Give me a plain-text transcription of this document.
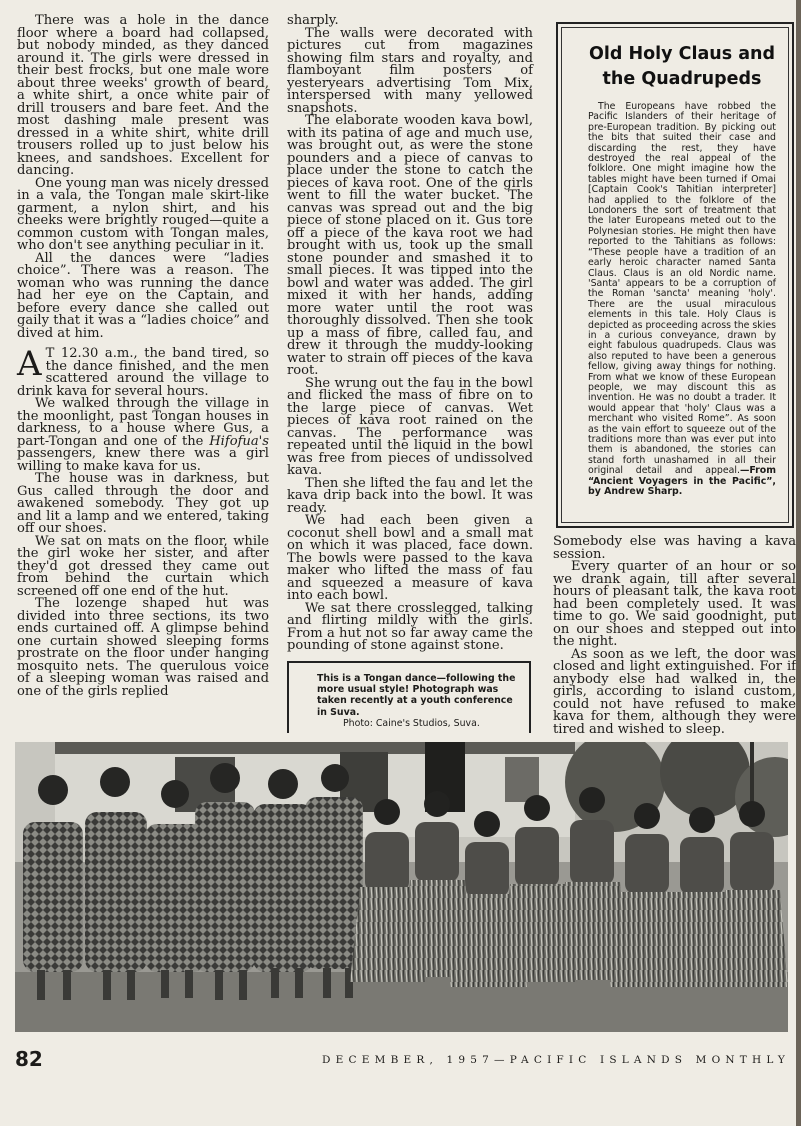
There was a hole in the dance floor where a board had collapsed, but nobody minded, as they danced around it. The girls were dressed in their best frocks, but one male wore about three weeks' growth of beard, a white shirt, a once white pair of drill trousers and bare feet. And the most dashing male present was dressed in a white shirt, white drill trousers rolled up to just below his knees, and sandshoes. Excellent for dancing.

One young man was nicely dressed in a vala, the Tongan male skirt-like garment, a nylon shirt, and his cheeks were brightly rouged—quite a common custom with Tongan males, who don't see anything peculiar in it.

All the dances were “ladies choice”. There was a reason. The woman who was running the dance had her eye on the Captain, and before every dance she called out gaily that it was a “ladies choice” and dived at him.

A T 12.30 a.m., the band tired, so the dance finished, and the men scattered around the village to drink kava for several hours.

We walked through the village in the moonlight, past Tongan houses in darkness, to a house where Gus, a part-Tongan and one of the Hifofua's passengers, knew there was a girl willing to make kava for us.

The house was in darkness, but Gus called through the door and awakened somebody. They got up and lit a lamp and we entered, taking off our shoes.

We sat on mats on the floor, while the girl woke her sister, and after they'd got dressed they came out from behind the curtain which screened off one end of the hut.

The lozenge shaped hut was divided into three sections, its two ends curtained off. A glimpse behind one curtain showed sleeping forms prostrate on the floor under hanging mosquito nets. The querulous voice of a sleeping woman was raised and one of the girls replied

sharply.

The walls were decorated with pictures cut from magazines showing film stars and royalty, and flamboyant film posters of yesteryears advertising Tom Mix, interspersed with many yellowed snapshots.

The elaborate wooden kava bowl, with its patina of age and much use, was brought out, as were the stone pounders and a piece of canvas to place under the stone to catch the pieces of kava root. One of the girls went to fill the water bucket. The canvas was spread out and the big piece of stone placed on it. Gus tore off a piece of the kava root we had brought with us, took up the small stone pounder and smashed it to small pieces. It was tipped into the bowl and water was added. The girl mixed it with her hands, adding more water until the root was thoroughly dissolved. Then she took up a mass of fibre, called fau, and drew it through the muddy-looking water to strain off pieces of the kava root.

She wrung out the fau in the bowl and flicked the mass of fibre on to the large piece of canvas. Wet pieces of kava root rained on the canvas. The performance was repeated until the liquid in the bowl was free from pieces of undissolved kava.

Then she lifted the fau and let the kava drip back into the bowl. It was ready.

We had each been given a coconut shell bowl and a small mat on which it was placed, face down. The bowls were passed to the kava maker who lifted the mass of fau and squeezed a measure of kava into each bowl.

We sat there crosslegged, talking and flirting mildly with the girls. From a hut not so far away came the pounding of stone against stone.

Old Holy Claus and the Quadrupeds

The Europeans have robbed the Pacific Islanders of their heritage of pre-European tradition. By picking out the bits that suited their case and discarding the rest, they have destroyed the real appeal of the folklore. One might imagine how the tables might have been turned if Omai [Captain Cook's Tahitian interpreter] had applied to the folklore of the Londoners the sort of treatment that the later Europeans meted out to the Polynesian stories. He might then have reported to the Tahitians as follows: “These people have a tradition of an early heroic character named Santa Claus. Claus is an old Nordic name. 'Santa' appears to be a corruption of the Roman 'sancta' meaning 'holy'. There are the usual miraculous elements in this tale. Holy Claus is depicted as proceeding across the skies in a curious conveyance, drawn by eight fabulous quadrupeds. Claus was also reputed to have been a generous fellow, giving away things for nothing. From what we know of these European people, we may discount this as invention. He was no doubt a trader. It would appear that 'holy' Claus was a merchant who visited Rome”. As soon as the vain effort to squeeze out of the traditions more than was ever put into them is abandoned, the stories can stand forth unashamed in all their original detail and appeal.—From “Ancient Voyagers in the Pacific”, by Andrew Sharp.

Somebody else was having a kava session.

Every quarter of an hour or so we drank again, till after several hours of pleasant talk, the kava root had been completely used. It was time to go. We said goodnight, put on our shoes and stepped out into the night.

As soon as we left, the door was closed and light extinguished. For if anybody else had walked in, the girls, according to island custom, could not have refused to make kava for them, although they were tired and wished to sleep.

This is a Tongan dance—following the more usual style! Photograph was taken recently at a youth conference in Suva.

Photo: Caine's Studios, Suva.

82	DECEMBER, 1957—PACIFIC ISLANDS MONTHLY
